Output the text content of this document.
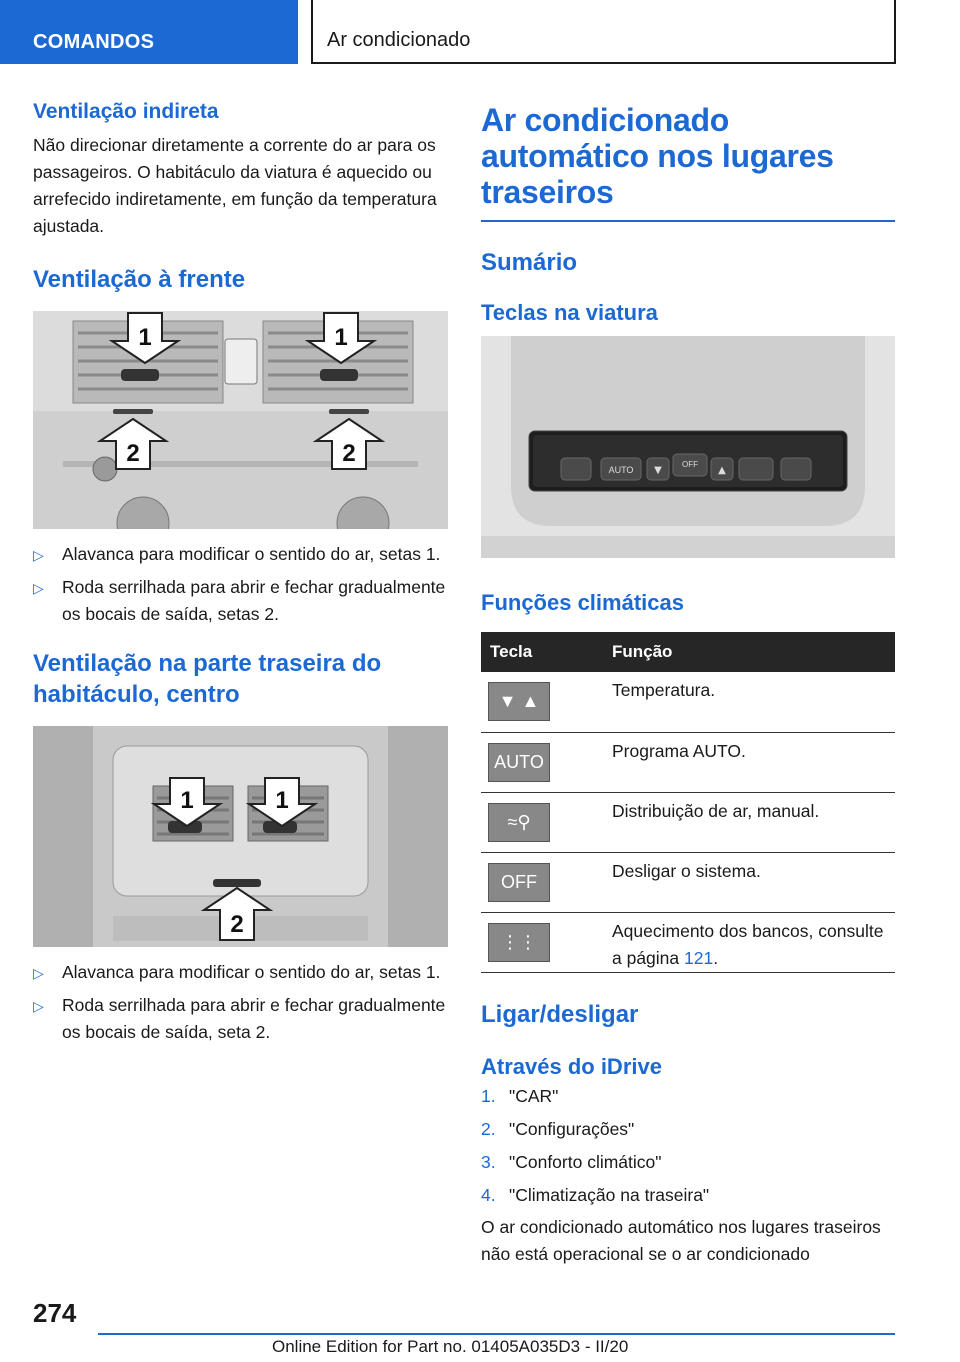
COMANDOS	Ar condicionado
Ventilação indireta
Não direcionar diretamente a corrente do ar para os passageiros. O habitáculo da viatura é aquecido ou arrefecido indiretamente, em função da temperatura ajustada.
Ventilação à frente
1	1
2	2
▷ Alavanca para modificar o sentido do ar, setas 1.
▷ Roda serrilhada para abrir e fechar gradualmente os bocais de saída, setas 2.
Ventilação na parte traseira do habitáculo, centro
1	1
2
▷ Alavanca para modificar o sentido do ar, setas 1.
▷ Roda serrilhada para abrir e fechar gradualmente os bocais de saída, seta 2.
Ar condicionado automático nos lugares traseiros
Sumário
Teclas na viatura
AUTO
OFF
▼	▲
Funções climáticas
Tecla	Função

▼ ▲	Temperatura.

AUTO	Programa AUTO.

≈⚲	Distribuição de ar, manual.

OFF	Desligar o sistema.

⋮⋮	Aquecimento dos bancos, consulte a página 121.
Ligar/desligar
Através do iDrive
1. "CAR"
2. "Configurações"
3. "Conforto climático"
4. "Climatização na traseira"
O ar condicionado automático nos lugares traseiros não está operacional se o ar condicionado
274
Online Edition for Part no. 01405A035D3 - II/20
